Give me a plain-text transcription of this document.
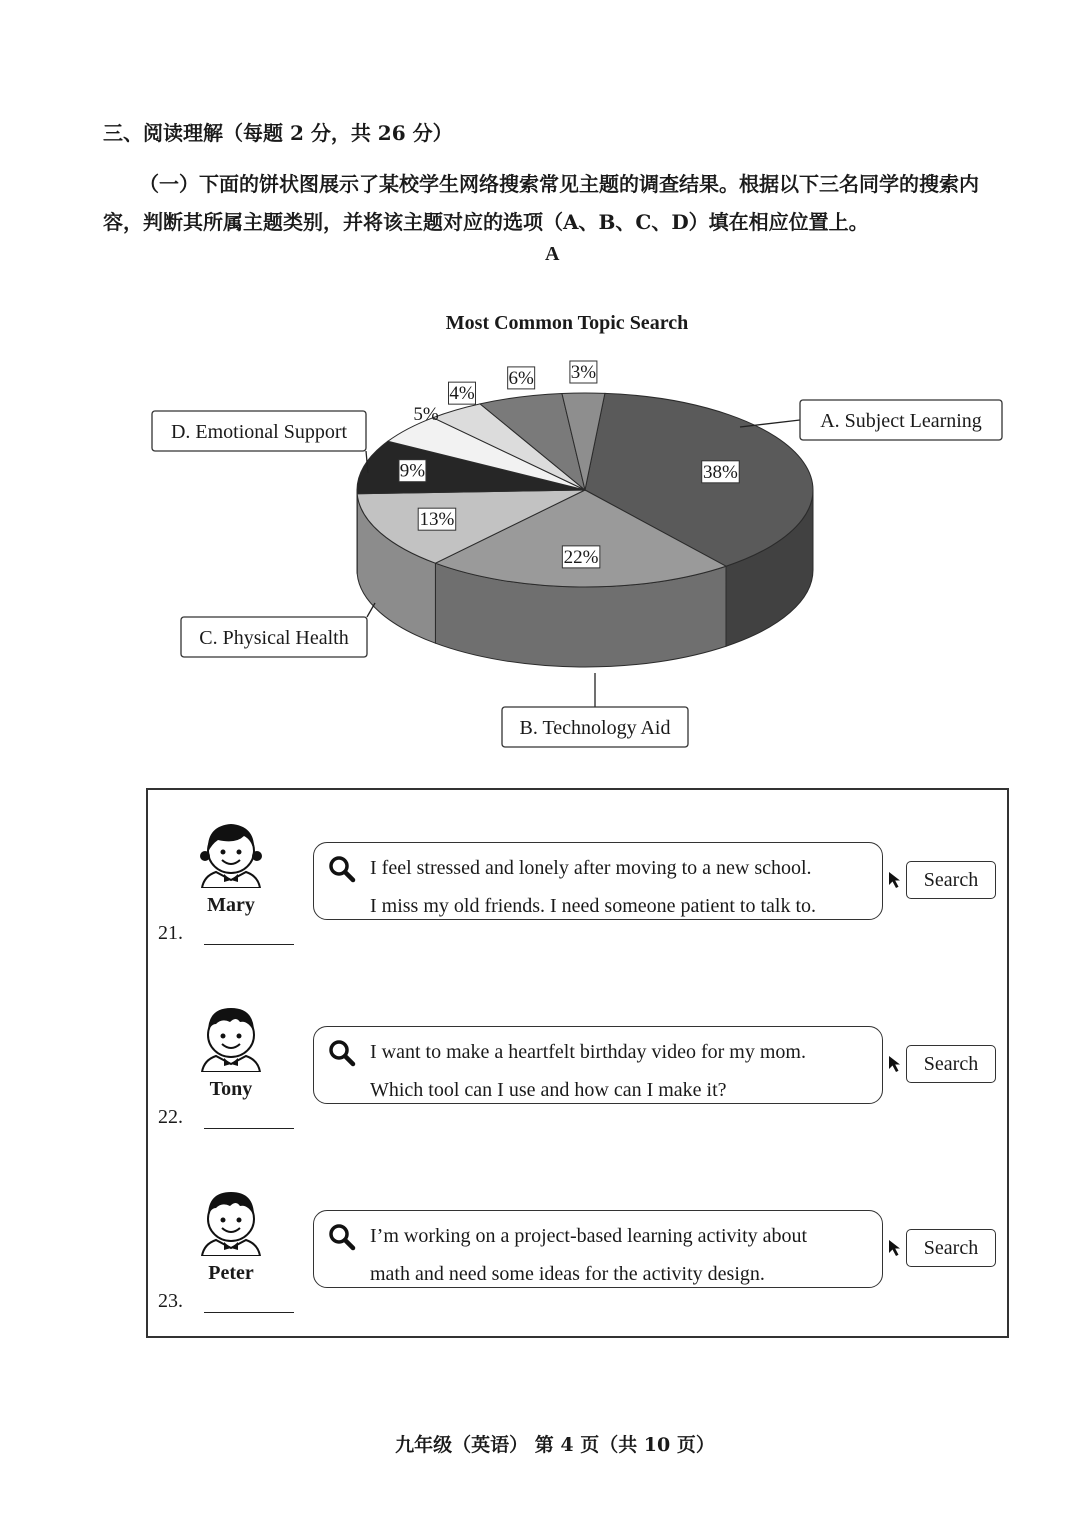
三、阅读理解（每题 2 分，共 26 分）
（一）下面的饼状图展示了某校学生网络搜索常见主题的调查结果。根据以下三名同学的搜索内容，判断其所属主题类别，并将该主题对应的选项（A、B、C、D）填在相应位置上。
A
Most Common Topic Search
38%
22%
13%
9%
5%
4%
6% 3%
A. Subject Learning
B. Technology Aid
C. Physical Health
D. Emotional Support
Mary
21.
I feel stressed and lonely after moving to a new school.
I miss my old friends. I need someone patient to talk to.
Search
Tony
22.
I want to make a heartfelt birthday video for my mom.
Which tool can I use and how can I make it?
Search
Peter
23.
I’m working on a project-based learning activity about
math and need some ideas for the activity design.
Search
九年级（英语） 第 4 页（共 10 页）
